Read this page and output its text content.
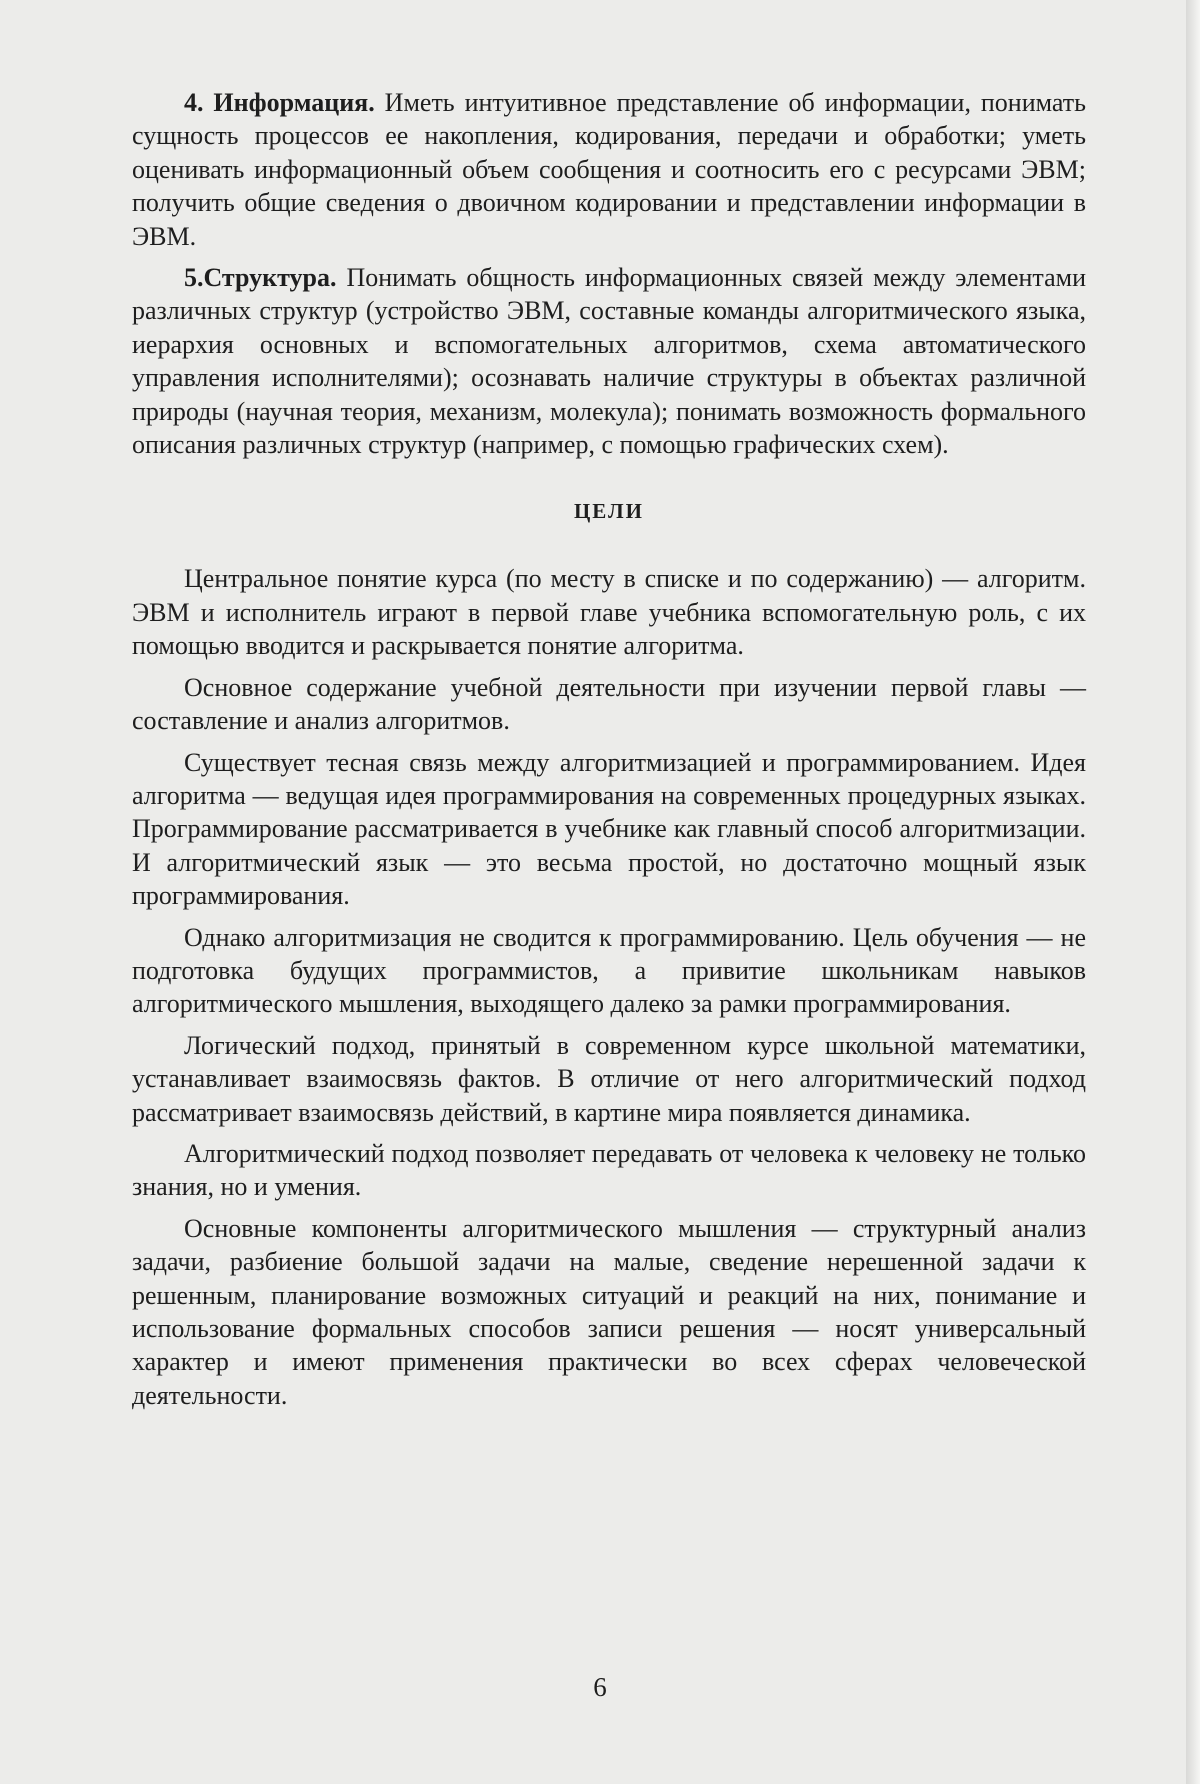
4. Информация. Иметь интуитивное представление об информации, понимать сущность процессов ее накопления, кодирования, передачи и обработки; уметь оценивать информационный объем сообщения и соотносить его с ресурсами ЭВМ; получить общие сведения о двоичном кодировании и представлении информации в ЭВМ.

5.Структура. Понимать общность информационных связей между элементами различных структур (устройство ЭВМ, составные команды алгоритмического языка, иерархия основных и вспомогательных алгоритмов, схема автоматического управления исполнителями); осознавать наличие структуры в объектах различной природы (научная теория, механизм, молекула); понимать возможность формального описания различных структур (например, с помощью графических схем).

ЦЕЛИ

Центральное понятие курса (по месту в списке и по содержанию) — алгоритм. ЭВМ и исполнитель играют в первой главе учебника вспомогательную роль, с их помощью вводится и раскрывается понятие алгоритма.

Основное содержание учебной деятельности при изучении первой главы — составление и анализ алгоритмов.

Существует тесная связь между алгоритмизацией и программированием. Идея алгоритма — ведущая идея программирования на современных процедурных языках. Программирование рассматривается в учебнике как главный способ алгоритмизации. И алгоритмический язык — это весьма простой, но достаточно мощный язык программирования.

Однако алгоритмизация не сводится к программированию. Цель обучения — не подготовка будущих программистов, а привитие школьникам навыков алгоритмического мышления, выходящего далеко за рамки программирования.

Логический подход, принятый в современном курсе школьной математики, устанавливает взаимосвязь фактов. В отличие от него алгоритмический подход рассматривает взаимосвязь действий, в картине мира появляется динамика.

Алгоритмический подход позволяет передавать от человека к человеку не только знания, но и умения.

Основные компоненты алгоритмического мышления — структурный анализ задачи, разбиение большой задачи на малые, сведение нерешенной задачи к решенным, планирование возможных ситуаций и реакций на них, понимание и использование формальных способов записи решения — носят универсальный характер и имеют применения практически во всех сферах человеческой деятельности.

6
